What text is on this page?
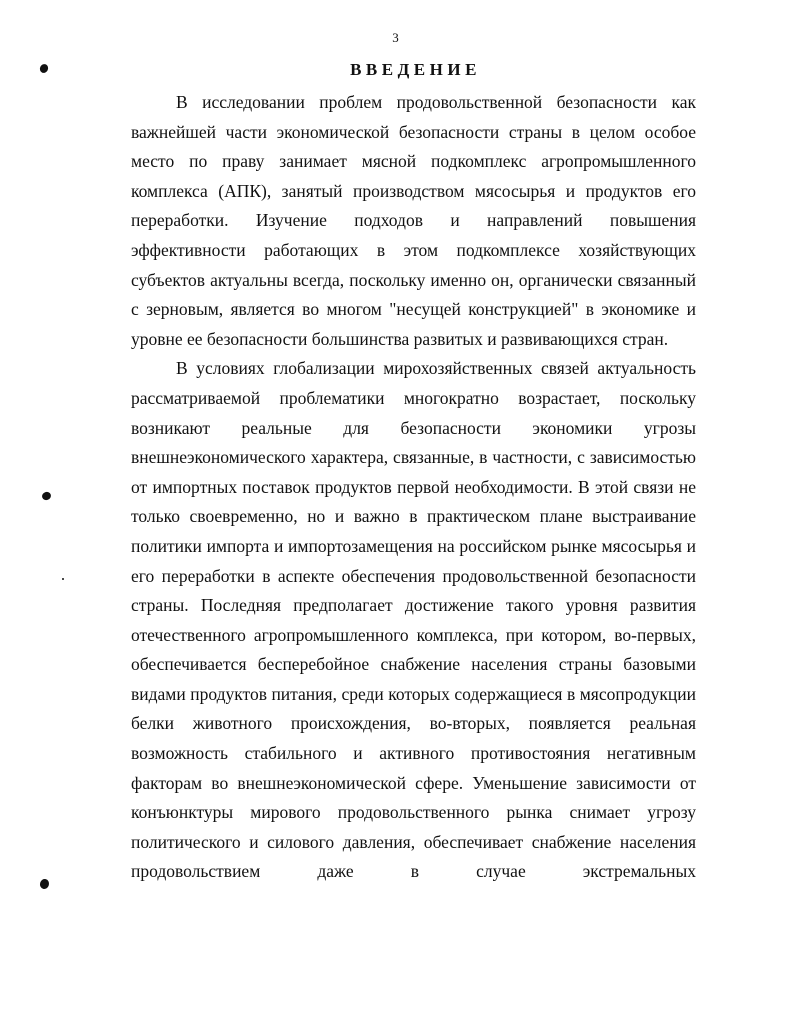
3
ВВЕДЕНИЕ

В исследовании проблем продовольственной безопасности как важнейшей части экономической безопасности страны в целом особое место по праву занимает мясной подкомплекс агропромышленного комплекса (АПК), занятый производством мясосырья и продуктов его переработки. Изучение подходов и направлений повышения эффективности работающих в этом подкомплексе хозяйствующих субъектов актуальны всегда, поскольку именно он, органически связанный с зерновым, является во многом "несущей конструкцией" в экономике и уровне ее безопасности большинства развитых и развивающихся стран.

В условиях глобализации мирохозяйственных связей актуальность рассматриваемой проблематики многократно возрастает, поскольку возникают реальные для безопасности экономики угрозы внешнеэкономического характера, связанные, в частности, с зависимостью от импортных поставок продуктов первой необходимости. В этой связи не только своевременно, но и важно в практическом плане выстраивание политики импорта и импортозамещения на российском рынке мясосырья и его переработки в аспекте обеспечения продовольственной безопасности страны. Последняя предполагает достижение такого уровня развития отечественного агропромышленного комплекса, при котором, во-первых, обеспечивается бесперебойное снабжение населения страны базовыми видами продуктов питания, среди которых содержащиеся в мясопродукции белки животного происхождения, во-вторых, появляется реальная возможность стабильного и активного противостояния негативным факторам во внешнеэкономической сфере. Уменьшение зависимости от конъюнктуры мирового продовольственного рынка снимает угрозу политического и силового давления, обеспечивает снабжение населения продовольствием даже в случае экстремальных
